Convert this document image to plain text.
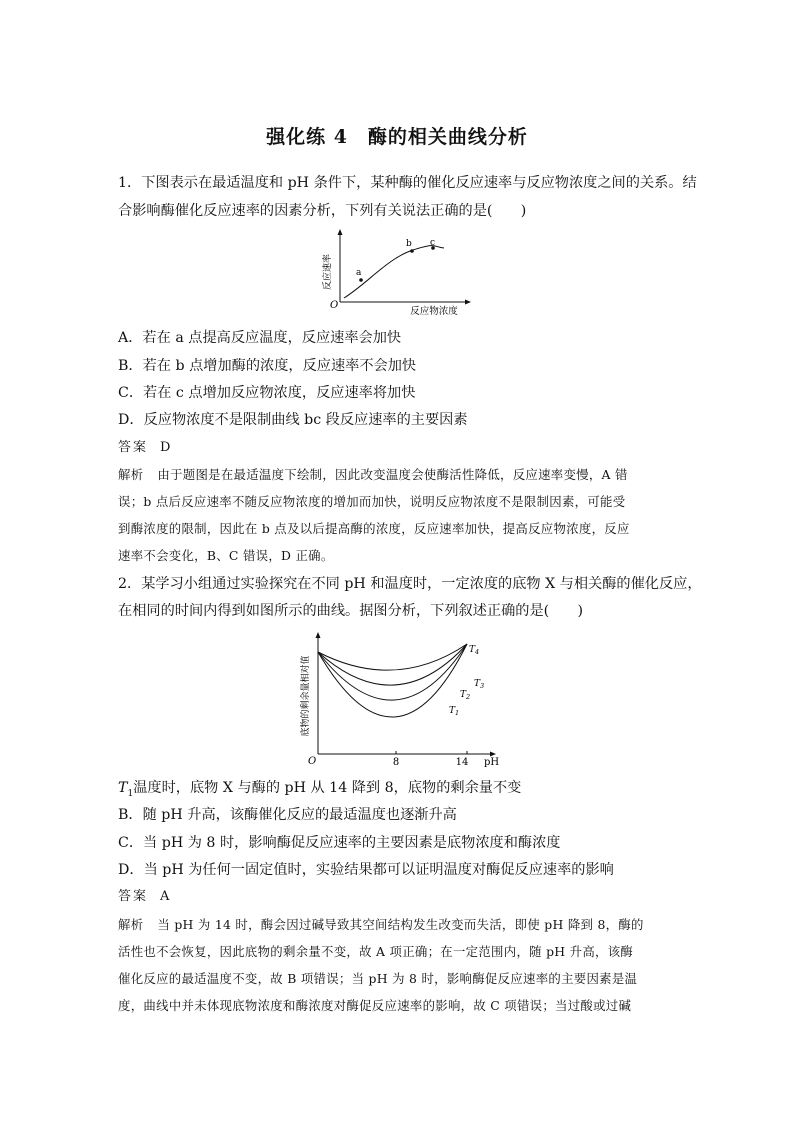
强化练 4　酶的相关曲线分析
1．下图表示在最适温度和 pH 条件下，某种酶的催化反应速率与反应物浓度之间的关系。结
合影响酶催化反应速率的因素分析，下列有关说法正确的是(　　)
O
反应速率
反应物浓度
a
b c
A．若在 a 点提高反应温度，反应速率会加快
B．若在 b 点增加酶的浓度，反应速率不会加快
C．若在 c 点增加反应物浓度，反应速率将加快
D．反应物浓度不是限制曲线 bc 段反应速率的主要因素
答案 D
解析 由于题图是在最适温度下绘制，因此改变温度会使酶活性降低，反应速率变慢，A 错
误；b 点后反应速率不随反应物浓度的增加而加快，说明反应物浓度不是限制因素，可能受
到酶浓度的限制，因此在 b 点及以后提高酶的浓度，反应速率加快，提高反应物浓度，反应
速率不会变化，B、C 错误，D 正确。
2．某学习小组通过实验探究在不同 pH 和温度时，一定浓度的底物 X 与相关酶的催化反应，
在相同的时间内得到如图所示的曲线。据图分析，下列叙述正确的是(　　)
O
底物的剩余量相对值
pH
8	14
$T_4$
$T_3$
$T_2$
$T_1$
$T_1$温度时，底物 X 与酶的 pH 从 14 降到 8，底物的剩余量不变
B．随 pH 升高，该酶催化反应的最适温度也逐渐升高
C．当 pH 为 8 时，影响酶促反应速率的主要因素是底物浓度和酶浓度
D．当 pH 为任何一固定值时，实验结果都可以证明温度对酶促反应速率的影响
答案 A
解析 当 pH 为 14 时，酶会因过碱导致其空间结构发生改变而失活，即使 pH 降到 8，酶的
活性也不会恢复，因此底物的剩余量不变，故 A 项正确；在一定范围内，随 pH 升高，该酶
催化反应的最适温度不变，故 B 项错误；当 pH 为 8 时，影响酶促反应速率的主要因素是温
度，曲线中并未体现底物浓度和酶浓度对酶促反应速率的影响，故 C 项错误；当过酸或过碱
